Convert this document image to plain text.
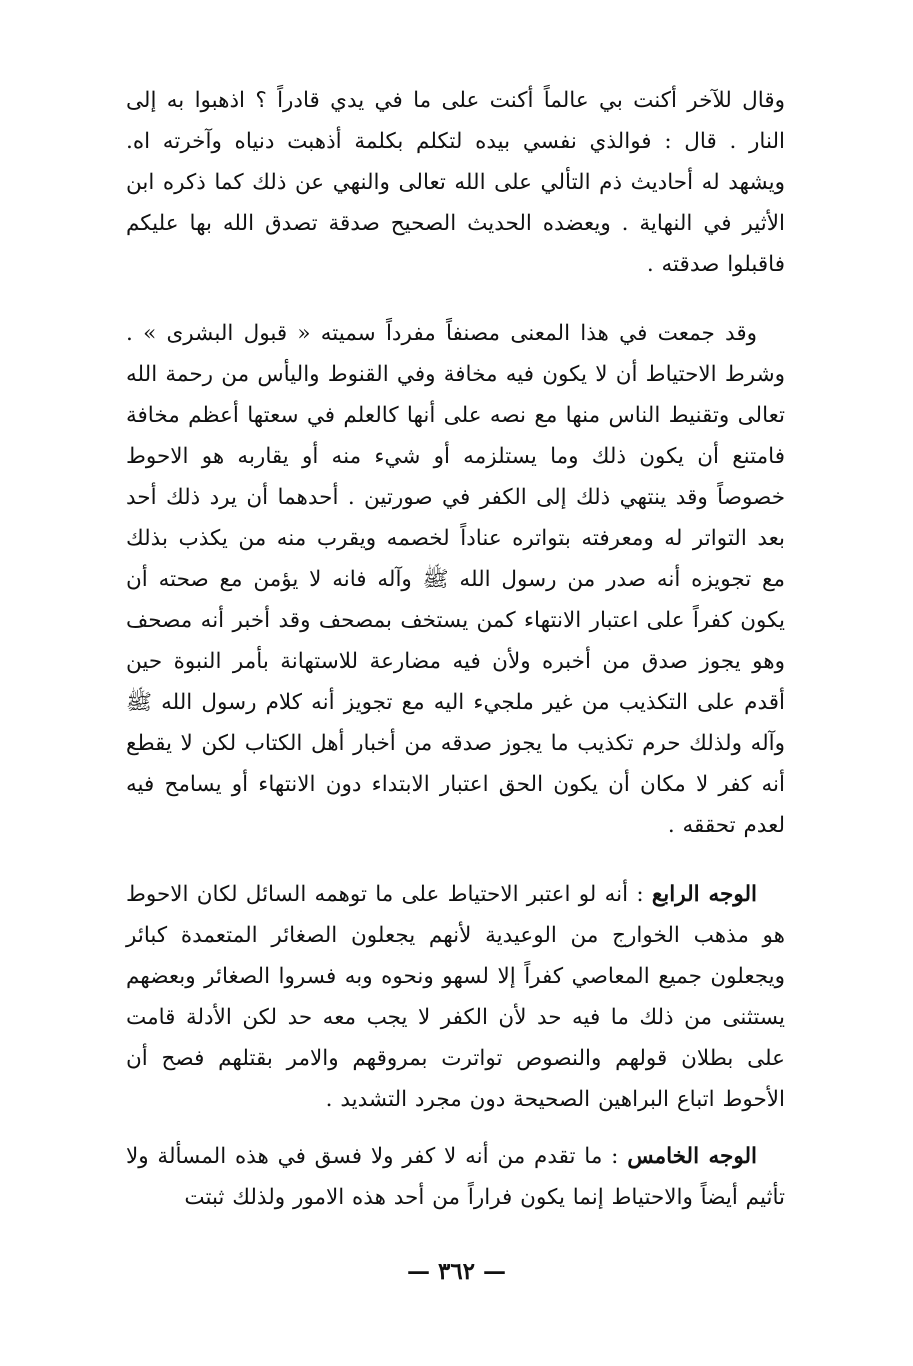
وقال للآخر أكنت بي عالماً أكنت على ما في يدي قادراً ؟ اذهبوا به إلى النار . قال : فوالذي نفسي بيده لتكلم بكلمة أذهبت دنياه وآخرته اه. ويشهد له أحاديث ذم التألي على الله تعالى والنهي عن ذلك كما ذكره ابن الأثير في النهاية . ويعضده الحديث الصحيح صدقة تصدق الله بها عليكم فاقبلوا صدقته .

وقد جمعت في هذا المعنى مصنفاً مفرداً سميته « قبول البشرى » . وشرط الاحتياط أن لا يكون فيه مخافة وفي القنوط واليأس من رحمة الله تعالى وتقنيط الناس منها مع نصه على أنها كالعلم في سعتها أعظم مخافة فامتنع أن يكون ذلك وما يستلزمه أو شيء منه أو يقاربه هو الاحوط خصوصاً وقد ينتهي ذلك إلى الكفر في صورتين . أحدهما أن يرد ذلك أحد بعد التواتر له ومعرفته بتواتره عناداً لخصمه ويقرب منه من يكذب بذلك مع تجويزه أنه صدر من رسول الله ﷺ وآله فانه لا يؤمن مع صحته أن يكون كفراً على اعتبار الانتهاء كمن يستخف بمصحف وقد أخبر أنه مصحف وهو يجوز صدق من أخبره ولأن فيه مضارعة للاستهانة بأمر النبوة حين أقدم على التكذيب من غير ملجيء اليه مع تجويز أنه كلام رسول الله ﷺ وآله ولذلك حرم تكذيب ما يجوز صدقه من أخبار أهل الكتاب لكن لا يقطع أنه كفر لا مكان أن يكون الحق اعتبار الابتداء دون الانتهاء أو يسامح فيه لعدم تحققه .

الوجه الرابع : أنه لو اعتبر الاحتياط على ما توهمه السائل لكان الاحوط هو مذهب الخوارج من الوعيدية لأنهم يجعلون الصغائر المتعمدة كبائر ويجعلون جميع المعاصي كفراً إلا لسهو ونحوه وبه فسروا الصغائر وبعضهم يستثنى من ذلك ما فيه حد لأن الكفر لا يجب معه حد لكن الأدلة قامت على بطلان قولهم والنصوص تواترت بمروقهم والامر بقتلهم فصح أن الأحوط اتباع البراهين الصحيحة دون مجرد التشديد .

الوجه الخامس : ما تقدم من أنه لا كفر ولا فسق في هذه المسألة ولا تأثيم أيضاً والاحتياط إنما يكون فراراً من أحد هذه الامور ولذلك ثبتت

— ٣٦٢ —
